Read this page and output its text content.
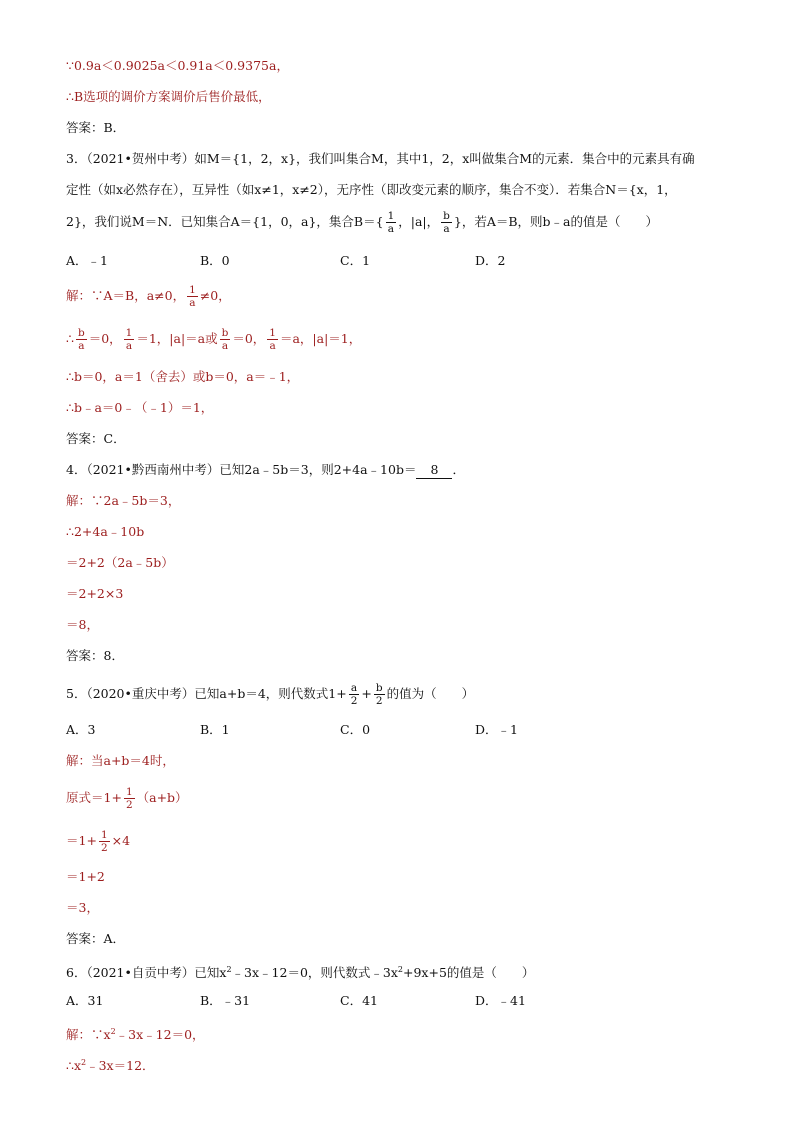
∵0.9a＜0.9025a＜0.91a＜0.9375a，
∴B选项的调价方案调价后售价最低，
答案：B．
3．（2021•贺州中考）如M＝{1，2，x}，我们叫集合M，其中1，2，x叫做集合M的元素．集合中的元素具有确
定性（如x必然存在），互异性（如x≠1，x≠2），无序性（即改变元素的顺序，集合不变）．若集合N＝{x，1，
2}，我们说M＝N．已知集合A＝{1，0，a}，集合$B=\{ \frac{1}{a}$ ，|a|， $\frac{b}{a}$ }，若A＝B，则b﹣a的值是（　　）
A．﹣1	B．0	C．1	D．2
解：∵A＝B，a≠0， $\frac{1}{a} \ne 0$，
∴ $\frac{b}{a} =0$， $\frac{1}{a} =1$，|a|＝a或 $\frac{b}{a} =0$， $\frac{1}{a} =a$，|a|＝1，
∴b＝0，a＝1（舍去）或b＝0，a＝﹣1，
∴b﹣a＝0﹣（﹣1）＝1，
答案：C．
4．（2021•黔西南州中考）已知2a﹣5b＝3，则2+4a﹣10b＝ 8 ．
解：∵2a﹣5b＝3，
∴2+4a﹣10b
＝2+2（2a﹣5b）
＝2+2×3
＝8，
答案：8．
5．（2020•重庆中考）已知a+b＝4，则代数式$1+ \frac{a}{2} + \frac{b}{2}$ 的值为（　　）
A．3	B．1	C．0	D．﹣1
解：当a+b＝4时，
原式$=1+ \frac{1}{2} (a+b)$
$=1+ \frac{1}{2} \times 4$
＝1+2
＝3，
答案：A．
6．（2021•自贡中考）已知$x^2﹣3x﹣12=0$，则代数式$﹣3x^2+9x+5$的值是（　　）
A．31	B．﹣31	C．41	D．﹣41
解：$\because x^2﹣3x﹣12=0$，
$\therefore x^2﹣3x=12$．
